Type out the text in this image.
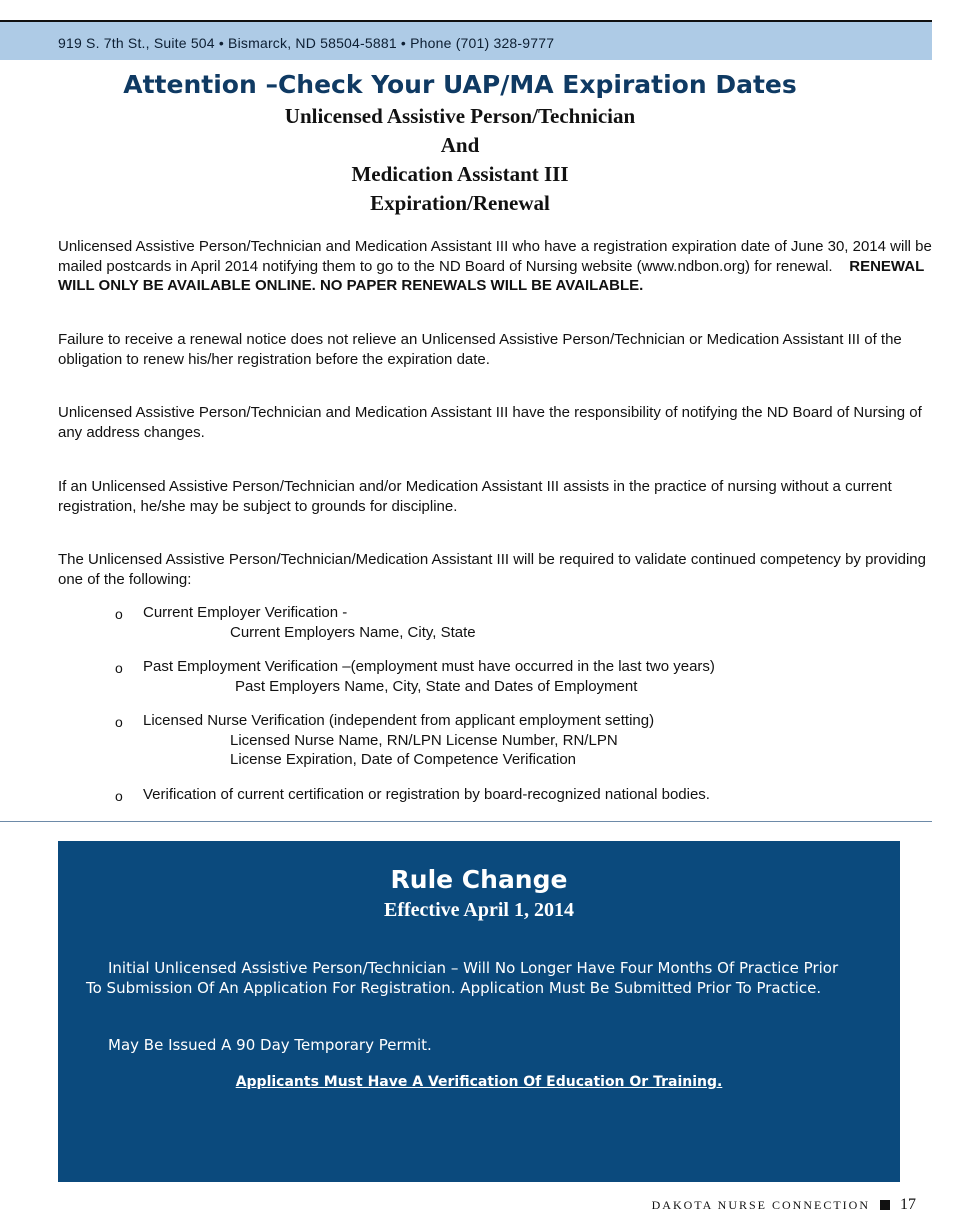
919 S. 7th St., Suite 504 • Bismarck, ND 58504-5881 • Phone (701) 328-9777
Attention –Check Your UAP/MA Expiration Dates
Unlicensed Assistive Person/Technician
And
Medication Assistant III
Expiration/Renewal
Unlicensed Assistive Person/Technician and Medication Assistant III who have a registration expiration date of June 30, 2014 will be mailed postcards in April 2014 notifying them to go to the ND Board of Nursing website (www.ndbon.org) for renewal. RENEWAL WILL ONLY BE AVAILABLE ONLINE. NO PAPER RENEWALS WILL BE AVAILABLE.
Failure to receive a renewal notice does not relieve an Unlicensed Assistive Person/Technician or Medication Assistant III of the obligation to renew his/her registration before the expiration date.
Unlicensed Assistive Person/Technician and Medication Assistant III have the responsibility of notifying the ND Board of Nursing of any address changes.
If an Unlicensed Assistive Person/Technician and/or Medication Assistant III assists in the practice of nursing without a current registration, he/she may be subject to grounds for discipline.
The Unlicensed Assistive Person/Technician/Medication Assistant III will be required to validate continued competency by providing one of the following:
o Current Employer Verification -
Current Employers Name, City, State
o Past Employment Verification –(employment must have occurred in the last two years)
Past Employers Name, City, State and Dates of Employment
o Licensed Nurse Verification (independent from applicant employment setting)
Licensed Nurse Name, RN/LPN License Number, RN/LPN
License Expiration, Date of Competence Verification
o Verification of current certification or registration by board-recognized national bodies.
Rule Change
Effective April 1, 2014
Initial Unlicensed Assistive Person/Technician – Will No Longer Have Four Months Of Practice Prior To Submission Of An Application For Registration. Application Must Be Submitted Prior To Practice.
May Be Issued A 90 Day Temporary Permit.
Applicants Must Have A Verification Of Education Or Training.
DAKOTA NURSE CONNECTION 17
